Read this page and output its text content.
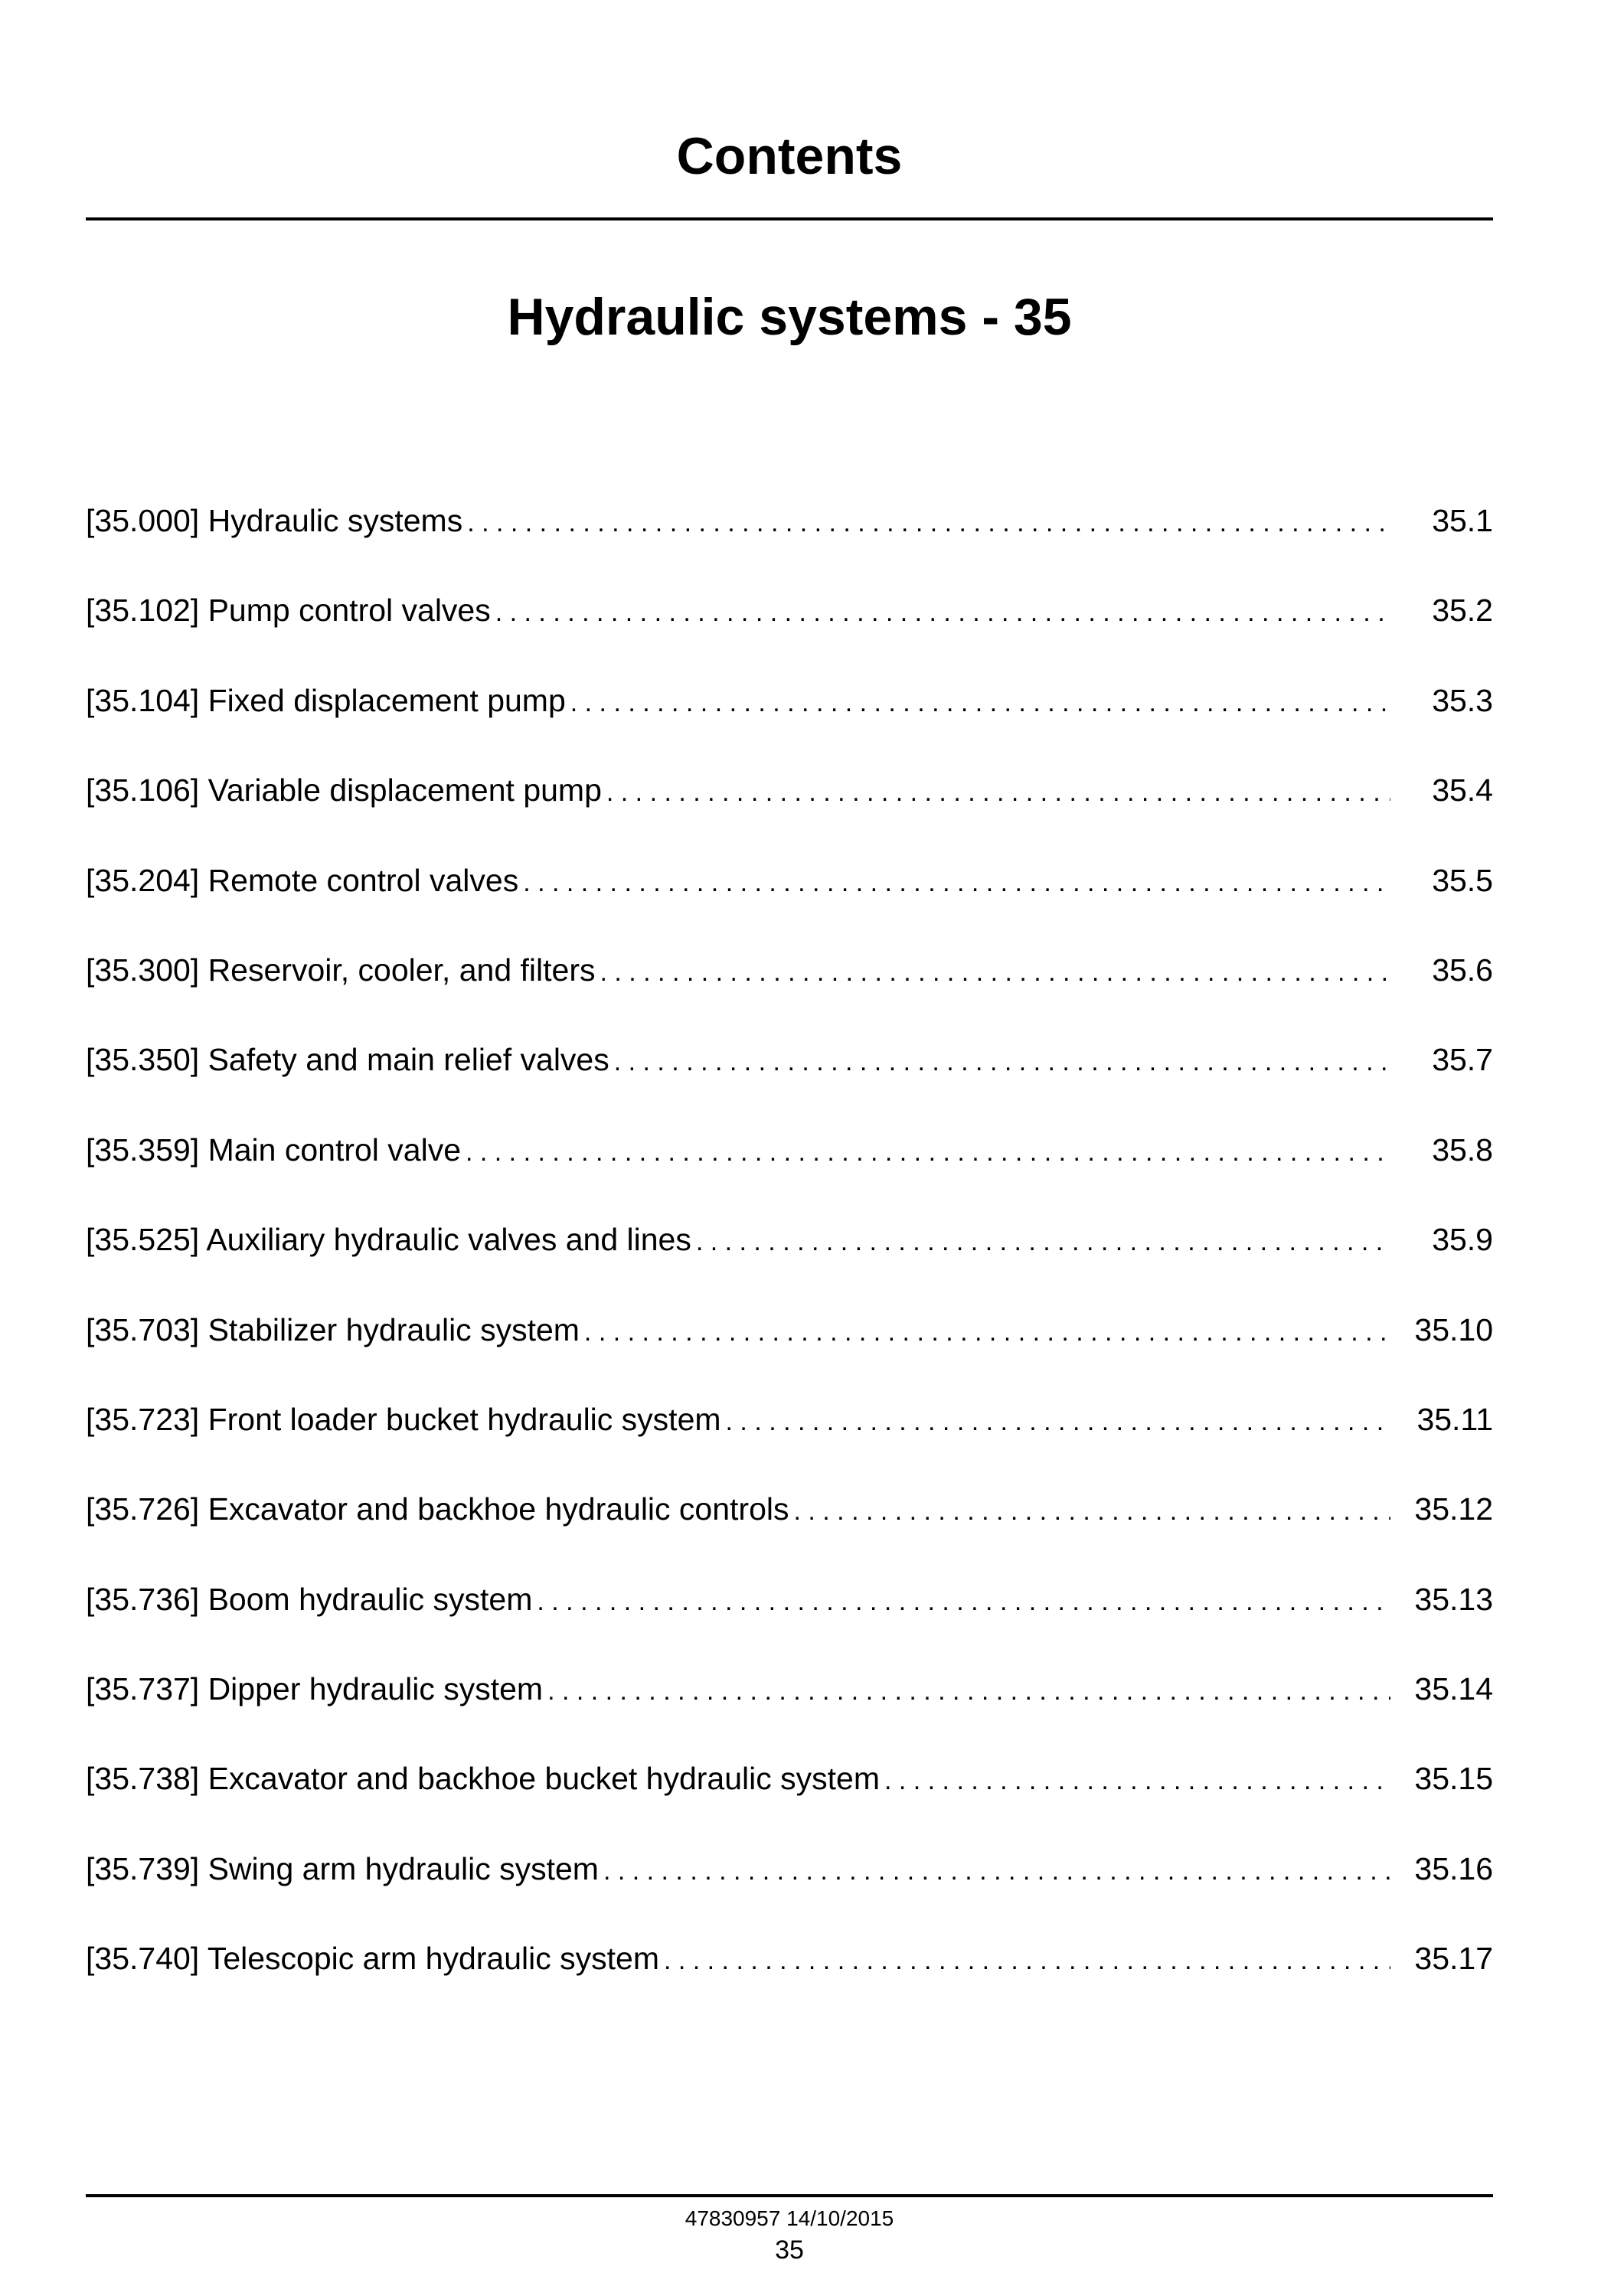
Contents
Hydraulic systems - 35
[35.000] Hydraulic systems . . .	35.1
[35.102] Pump control valves . . .	35.2
[35.104] Fixed displacement pump . . .	35.3
[35.106] Variable displacement pump . . .	35.4
[35.204] Remote control valves . . .	35.5
[35.300] Reservoir, cooler, and filters . . .	35.6
[35.350] Safety and main relief valves . . .	35.7
[35.359] Main control valve . . .	35.8
[35.525] Auxiliary hydraulic valves and lines . . .	35.9
[35.703] Stabilizer hydraulic system . . .	35.10
[35.723] Front loader bucket hydraulic system . . .	35.11
[35.726] Excavator and backhoe hydraulic controls . . .	35.12
[35.736] Boom hydraulic system . . .	35.13
[35.737] Dipper hydraulic system . . .	35.14
[35.738] Excavator and backhoe bucket hydraulic system . . .	35.15
[35.739] Swing arm hydraulic system . . .	35.16
[35.740] Telescopic arm hydraulic system . . .	35.17
47830957 14/10/2015
35
